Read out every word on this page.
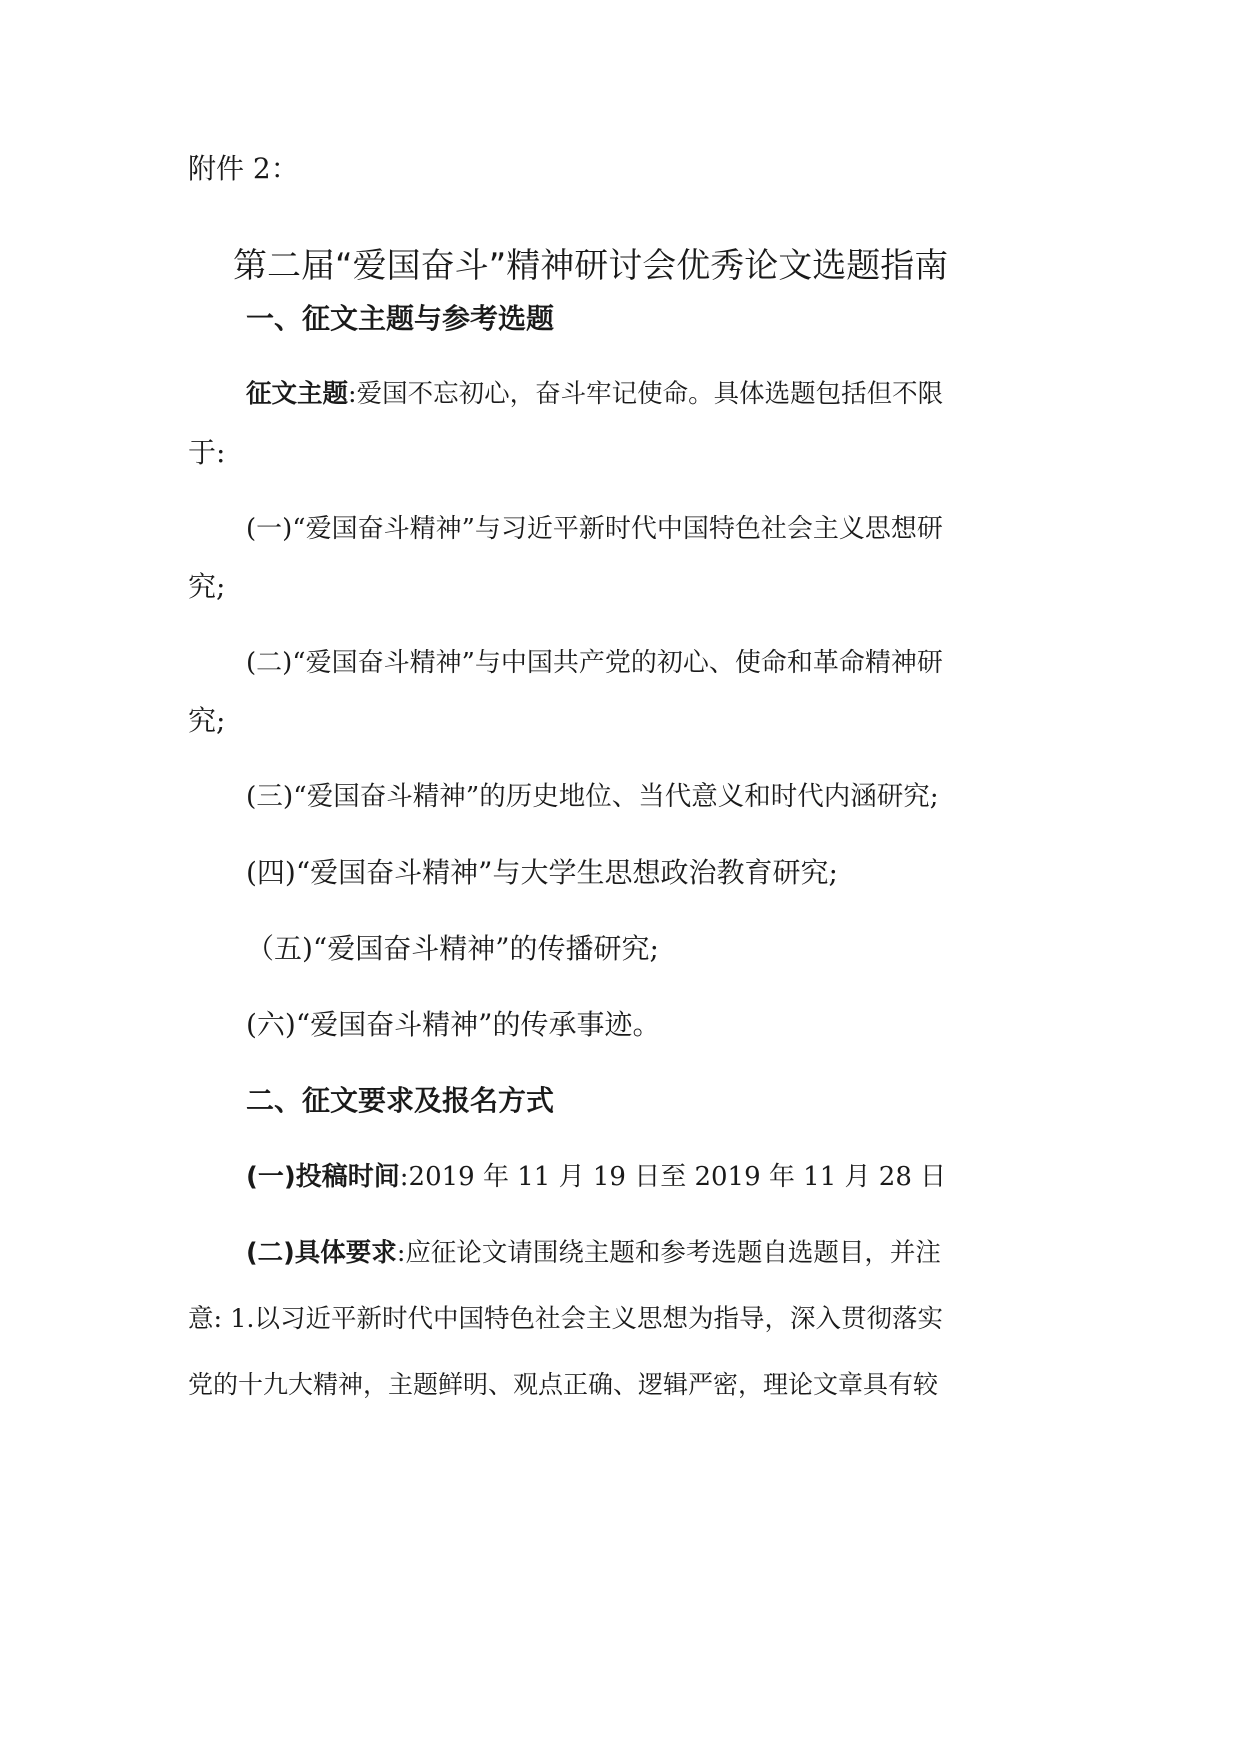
附件 2：
第二届“爱国奋斗”精神研讨会优秀论文选题指南
一、征文主题与参考选题
征文主题:爱国不忘初心，奋斗牢记使命。具体选题包括但不限
于:
(一)“爱国奋斗精神”与习近平新时代中国特色社会主义思想研
究;
(二)“爱国奋斗精神”与中国共产党的初心、使命和革命精神研
究;
(三)“爱国奋斗精神”的历史地位、当代意义和时代内涵研究;
(四)“爱国奋斗精神”与大学生思想政治教育研究;
（五)“爱国奋斗精神”的传播研究;
(六)“爱国奋斗精神”的传承事迹。
二、征文要求及报名方式
(一)投稿时间:2019 年 11 月 19 日至 2019 年 11 月 28 日
(二)具体要求:应征论文请围绕主题和参考选题自选题目，并注
意: 1.以习近平新时代中国特色社会主义思想为指导，深入贯彻落实
党的十九大精神，主题鲜明、观点正确、逻辑严密，理论文章具有较
